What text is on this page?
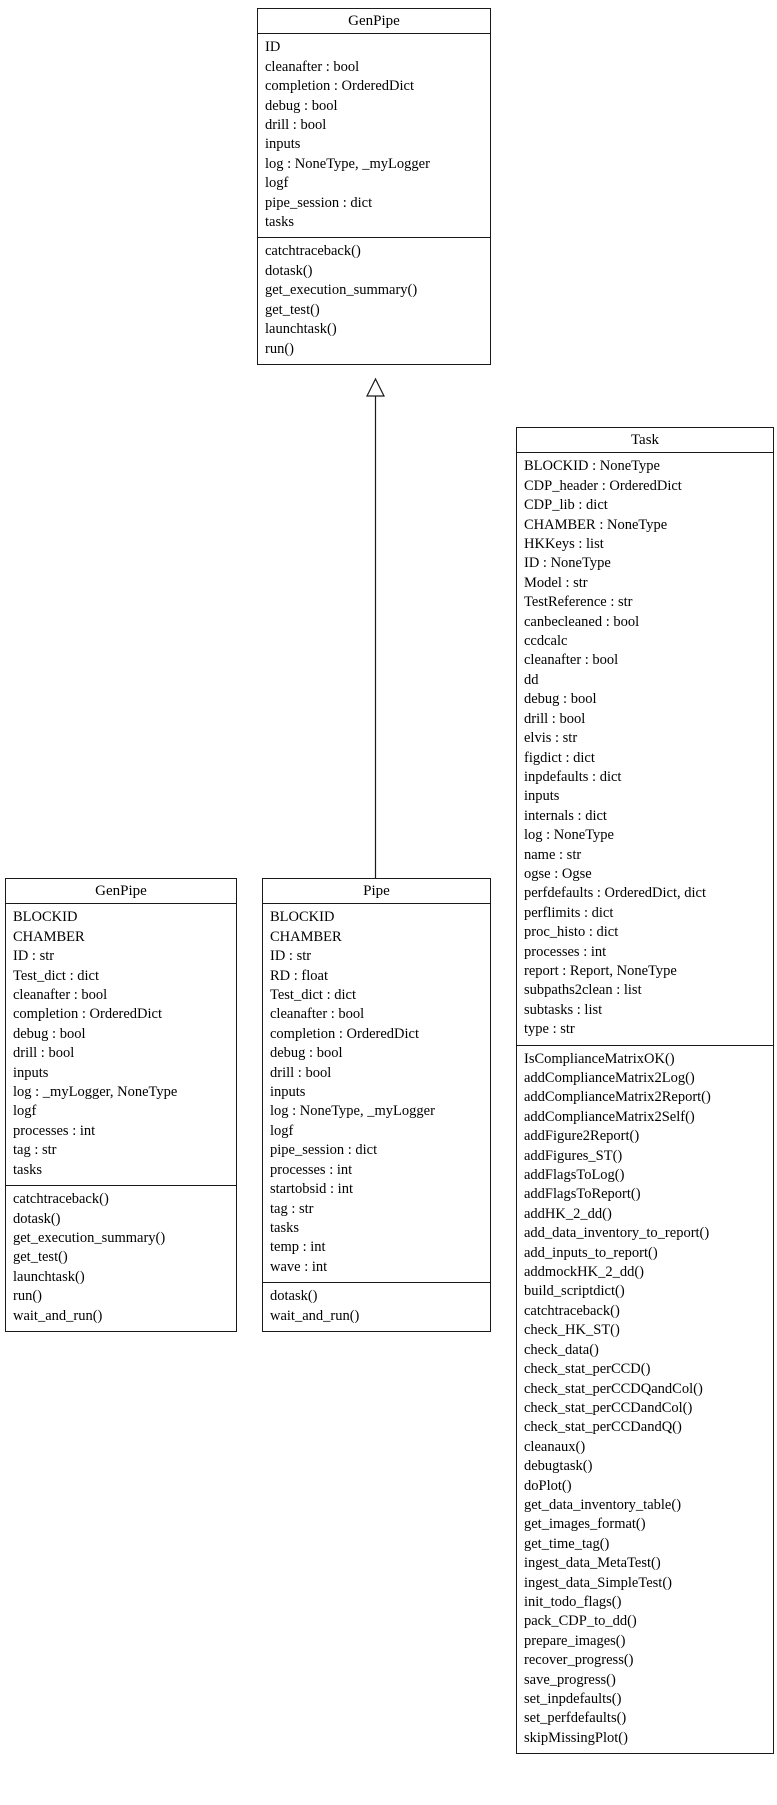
GenPipe
ID
cleanafter : bool
completion : OrderedDict
debug : bool
drill : bool
inputs
log : NoneType, _myLogger
logf
pipe_session : dict
tasks
catchtraceback()
dotask()
get_execution_summary()
get_test()
launchtask()
run()
Task
BLOCKID : NoneType
CDP_header : OrderedDict
CDP_lib : dict
CHAMBER : NoneType
HKKeys : list
ID : NoneType
Model : str
TestReference : str
canbecleaned : bool
ccdcalc
cleanafter : bool
dd
debug : bool
drill : bool
elvis : str
figdict : dict
inpdefaults : dict
inputs
internals : dict
log : NoneType
name : str
ogse : Ogse
perfdefaults : OrderedDict, dict
perflimits : dict
proc_histo : dict
processes : int
report : Report, NoneType
subpaths2clean : list
subtasks : list
type : str
IsComplianceMatrixOK()
addComplianceMatrix2Log()
addComplianceMatrix2Report()
addComplianceMatrix2Self()
addFigure2Report()
addFigures_ST()
addFlagsToLog()
addFlagsToReport()
addHK_2_dd()
add_data_inventory_to_report()
add_inputs_to_report()
addmockHK_2_dd()
build_scriptdict()
catchtraceback()
check_HK_ST()
check_data()
check_stat_perCCD()
check_stat_perCCDQandCol()
check_stat_perCCDandCol()
check_stat_perCCDandQ()
cleanaux()
debugtask()
doPlot()
get_data_inventory_table()
get_images_format()
get_time_tag()
ingest_data_MetaTest()
ingest_data_SimpleTest()
init_todo_flags()
pack_CDP_to_dd()
prepare_images()
recover_progress()
save_progress()
set_inpdefaults()
set_perfdefaults()
skipMissingPlot()
GenPipe
BLOCKID
CHAMBER
ID : str
Test_dict : dict
cleanafter : bool
completion : OrderedDict
debug : bool
drill : bool
inputs
log : _myLogger, NoneType
logf
processes : int
tag : str
tasks
catchtraceback()
dotask()
get_execution_summary()
get_test()
launchtask()
run()
wait_and_run()
Pipe
BLOCKID
CHAMBER
ID : str
RD : float
Test_dict : dict
cleanafter : bool
completion : OrderedDict
debug : bool
drill : bool
inputs
log : NoneType, _myLogger
logf
pipe_session : dict
processes : int
startobsid : int
tag : str
tasks
temp : int
wave : int
dotask()
wait_and_run()
